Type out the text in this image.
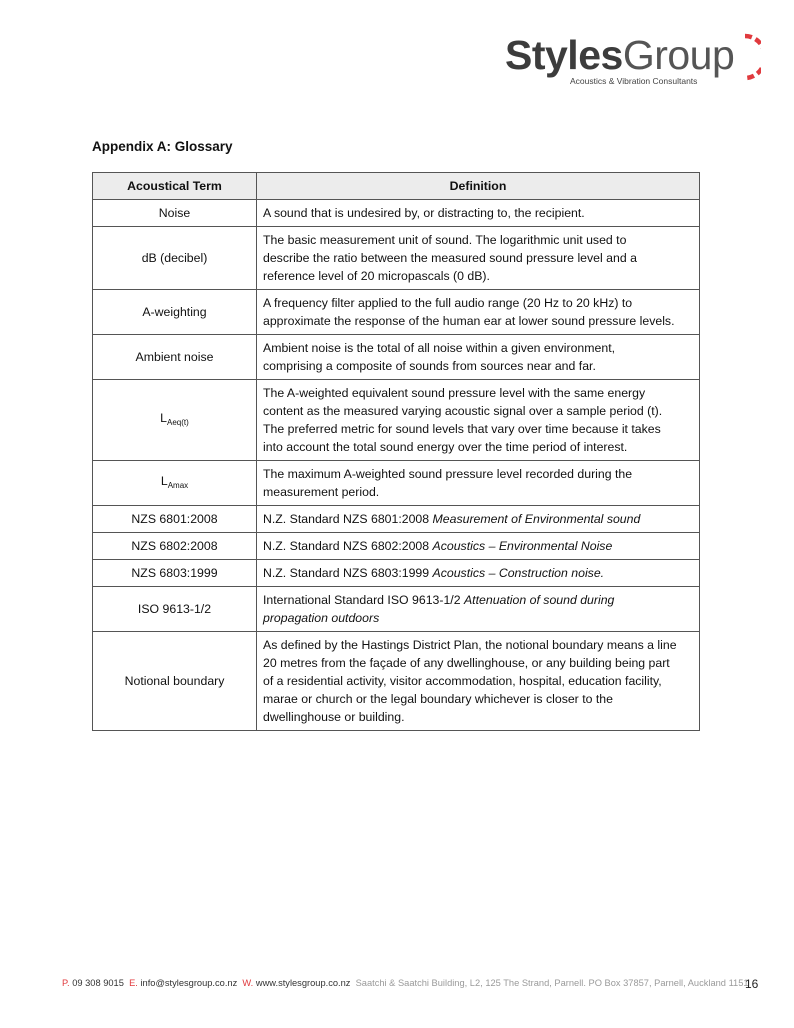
StylesGroup
Acoustics & Vibration Consultants
Appendix A: Glossary
Acoustical Term	Definition
Noise	A sound that is undesired by, or distracting to, the recipient.
dB (decibel)	The basic measurement unit of sound. The logarithmic unit used to
describe the ratio between the measured sound pressure level and a
reference level of 20 micropascals (0 dB).
A-weighting	A frequency filter applied to the full audio range (20 Hz to 20 kHz) to
approximate the response of the human ear at lower sound pressure levels.
Ambient noise	Ambient noise is the total of all noise within a given environment,
comprising a composite of sounds from sources near and far.
$L_{Aeq(t)}$	The A-weighted equivalent sound pressure level with the same energy
content as the measured varying acoustic signal over a sample period (t).
The preferred metric for sound levels that vary over time because it takes
into account the total sound energy over the time period of interest.
$L_{Amax}$	The maximum A-weighted sound pressure level recorded during the
measurement period.
NZS 6801:2008	N.Z. Standard NZS 6801:2008 Measurement of Environmental sound
NZS 6802:2008	N.Z. Standard NZS 6802:2008 Acoustics – Environmental Noise
NZS 6803:1999	N.Z. Standard NZS 6803:1999 Acoustics – Construction noise.
ISO 9613-1/2	International Standard ISO 9613-1/2 Attenuation of sound during
propagation outdoors
Notional boundary	As defined by the Hastings District Plan, the notional boundary means a line
20 metres from the façade of any dwellinghouse, or any building being part
of a residential activity, visitor accommodation, hospital, education facility,
marae or church or the legal boundary whichever is closer to the
dwellinghouse or building.
P. 09 308 9015 E. info@stylesgroup.co.nz W. www.stylesgroup.co.nz Saatchi & Saatchi Building, L2, 125 The Strand, Parnell. PO Box 37857, Parnell, Auckland 1151
16
